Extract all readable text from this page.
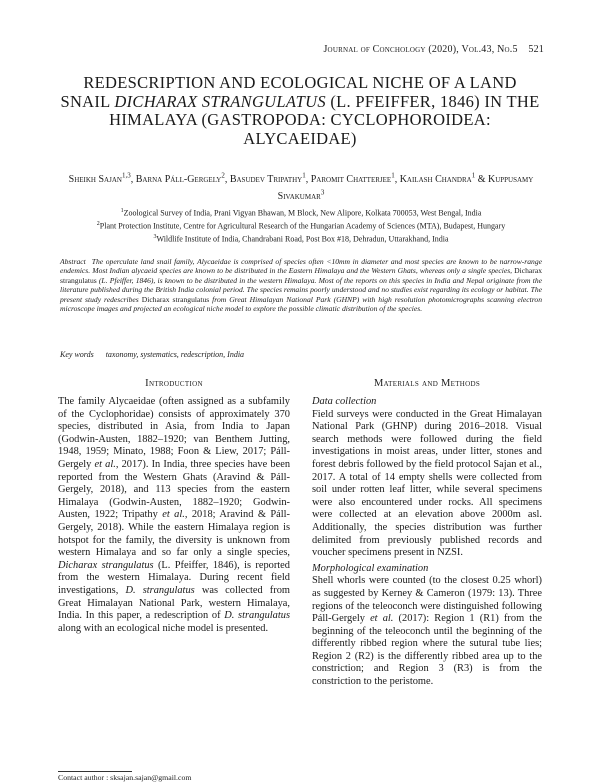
Journal of Conchology (2020), Vol.43, No.5 521
REDESCRIPTION AND ECOLOGICAL NICHE OF A LAND SNAIL DICHARAX STRANGULATUS (L. PFEIFFER, 1846) IN THE HIMALAYA (GASTROPODA: CYCLOPHOROIDEA: ALYCAEIDAE)
Sheikh Sajan$^{1,3}$, Barna Páll-Gergely$^2$, Basudev Tripathy$^1$, Paromit Chatterjee$^1$, Kailash Chandra$^1$ & Kuppusamy Sivakumar$^3$
$^1$Zoological Survey of India, Prani Vigyan Bhawan, M Block, New Alipore, Kolkata 700053, West Bengal, India
$^2$Plant Protection Institute, Centre for Agricultural Research of the Hungarian Academy of Sciences (MTA), Budapest, Hungary
$^3$Wildlife Institute of India, Chandrabani Road, Post Box #18, Dehradun, Uttarakhand, India
Abstract The operculate land snail family, Alycaeidae is comprised of species often <10mm in diameter and most species are known to be narrow-range endemics. Most Indian alycaeid species are known to be distributed in the Eastern Himalaya and the Western Ghats, whereas only a single species, Dicharax strangulatus (L. Pfeiffer, 1846), is known to be distributed in the western Himalaya. Most of the reports on this species in India and Nepal originate from the literature published during the British India colonial period. The species remains poorly understood and no studies exist regarding its ecology or habitat. The present study redescribes Dicharax strangulatus from Great Himalayan National Park (GHNP) with high resolution photomicrographs scanning electron microscope images and projected an ecological niche model to explore the possible climatic distribution of the species.
Key words taxonomy, systematics, redescription, India
Introduction

The family Alycaeidae (often assigned as a subfamily of the Cyclophoridae) consists of approximately 370 species, distributed in Asia, from India to Japan (Godwin-Austen, 1882–1920; van Benthem Jutting, 1948, 1959; Minato, 1988; Foon & Liew, 2017; Páll-Gergely et al., 2017). In India, three species have been reported from the Western Ghats (Aravind & Páll-Gergely, 2018), and 113 species from the eastern Himalaya (Godwin-Austen, 1882–1920; Godwin-Austen, 1922; Tripathy et al., 2018; Aravind & Páll-Gergely, 2018). While the eastern Himalaya region is hotspot for the family, the diversity is unknown from western Himalaya and so far only a single species, Dicharax strangulatus (L. Pfeiffer, 1846), is reported from the western Himalaya. During recent field investigations, D. strangulatus was collected from Great Himalayan National Park, western Himalaya, India. In this paper, a redescription of D. strangulatus along with an ecological niche model is presented.

Materials and Methods

Data collection

Field surveys were conducted in the Great Himalayan National Park (GHNP) during 2016–2018. Visual search methods were followed during the field investigations in moist areas, under litter, stones and forest debris followed by the field protocol Sajan et al., 2017. A total of 14 empty shells were collected from soil under rotten leaf litter, while several specimens were also encountered under rocks. All specimens were collected at an elevation above 2000m asl. Additionally, the species distribution was further delimited from previously published records and voucher specimens present in NZSI.

Morphological examination

Shell whorls were counted (to the closest 0.25 whorl) as suggested by Kerney & Cameron (1979: 13). Three regions of the teleoconch were distinguished following Páll-Gergely et al. (2017): Region 1 (R1) from the beginning of the teleoconch until the beginning of the differently ribbed region where the sutural tube lies; Region 2 (R2) is the differently ribbed area up to the constriction; and Region 3 (R3) is from the constriction to the peristome.

Contact author : sksajan.sajan@gmail.com
